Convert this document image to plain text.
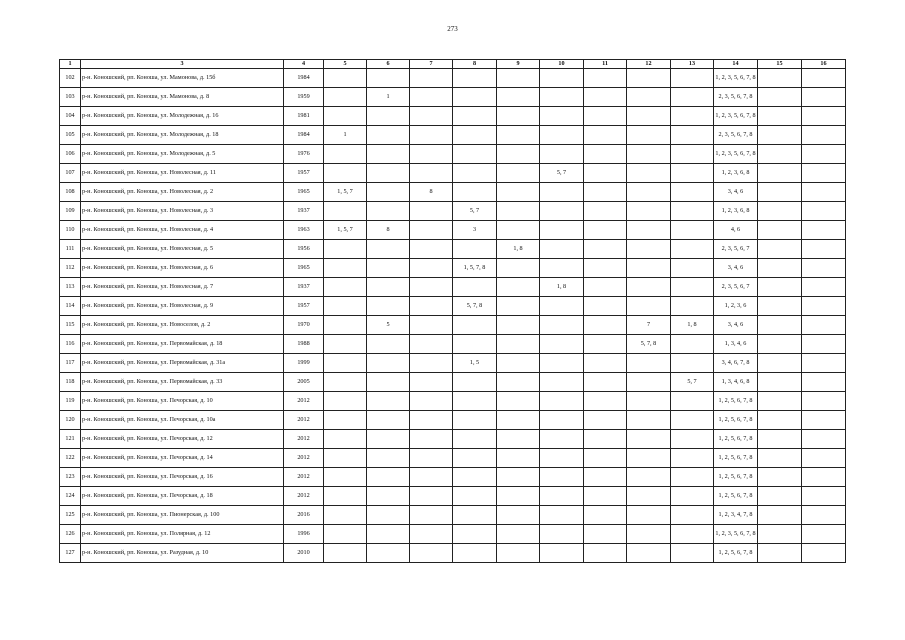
273
1	3	4	5	6	7	8	9	10	11	12	13	14	15	16
102	р-н. Коношский, рп. Коноша, ул. Мамонова, д. 15б	1984										1, 2, 3, 5, 6, 7, 8		
103	р-н. Коношский, рп. Коноша, ул. Мамонова, д. 8	1959		1								2, 3, 5, 6, 7, 8		
104	р-н. Коношский, рп. Коноша, ул. Молодежная, д. 16	1981										1, 2, 3, 5, 6, 7, 8		
105	р-н. Коношский, рп. Коноша, ул. Молодежная, д. 18	1984	1									2, 3, 5, 6, 7, 8		
106	р-н. Коношский, рп. Коноша, ул. Молодежная, д. 5	1976										1, 2, 3, 5, 6, 7, 8		
107	р-н. Коношский, рп. Коноша, ул. Новолесная, д. 11	1957						5, 7				1, 2, 3, 6, 8		
108	р-н. Коношский, рп. Коноша, ул. Новолесная, д. 2	1965	1, 5, 7		8							3, 4, 6		
109	р-н. Коношский, рп. Коноша, ул. Новолесная, д. 3	1937				5, 7						1, 2, 3, 6, 8		
110	р-н. Коношский, рп. Коноша, ул. Новолесная, д. 4	1963	1, 5, 7	8		3						4, 6		
111	р-н. Коношский, рп. Коноша, ул. Новолесная, д. 5	1956					1, 8					2, 3, 5, 6, 7		
112	р-н. Коношский, рп. Коноша, ул. Новолесная, д. 6	1965				1, 5, 7, 8						3, 4, 6		
113	р-н. Коношский, рп. Коноша, ул. Новолесная, д. 7	1937						1, 8				2, 3, 5, 6, 7		
114	р-н. Коношский, рп. Коноша, ул. Новолесная, д. 9	1957				5, 7, 8						1, 2, 3, 6		
115	р-н. Коношский, рп. Коноша, ул. Новоселов, д. 2	1970		5						7	1, 8	3, 4, 6		
116	р-н. Коношский, рп. Коноша, ул. Первомайская, д. 18	1988								5, 7, 8		1, 3, 4, 6		
117	р-н. Коношский, рп. Коноша, ул. Первомайская, д. 31а	1999				1, 5						3, 4, 6, 7, 8		
118	р-н. Коношский, рп. Коноша, ул. Первомайская, д. 33	2005									5, 7	1, 3, 4, 6, 8		
119	р-н. Коношский, рп. Коноша, ул. Печорская, д. 10	2012										1, 2, 5, 6, 7, 8		
120	р-н. Коношский, рп. Коноша, ул. Печорская, д. 10а	2012										1, 2, 5, 6, 7, 8		
121	р-н. Коношский, рп. Коноша, ул. Печорская, д. 12	2012										1, 2, 5, 6, 7, 8		
122	р-н. Коношский, рп. Коноша, ул. Печорская, д. 14	2012										1, 2, 5, 6, 7, 8		
123	р-н. Коношский, рп. Коноша, ул. Печорская, д. 16	2012										1, 2, 5, 6, 7, 8		
124	р-н. Коношский, рп. Коноша, ул. Печорская, д. 18	2012										1, 2, 5, 6, 7, 8		
125	р-н. Коношский, рп. Коноша, ул. Пионерская, д. 100	2016										1, 2, 3, 4, 7, 8		
126	р-н. Коношский, рп. Коноша, ул. Полярная, д. 12	1996										1, 2, 3, 5, 6, 7, 8		
127	р-н. Коношский, рп. Коноша, ул. Разудная, д. 10	2010										1, 2, 5, 6, 7, 8		
